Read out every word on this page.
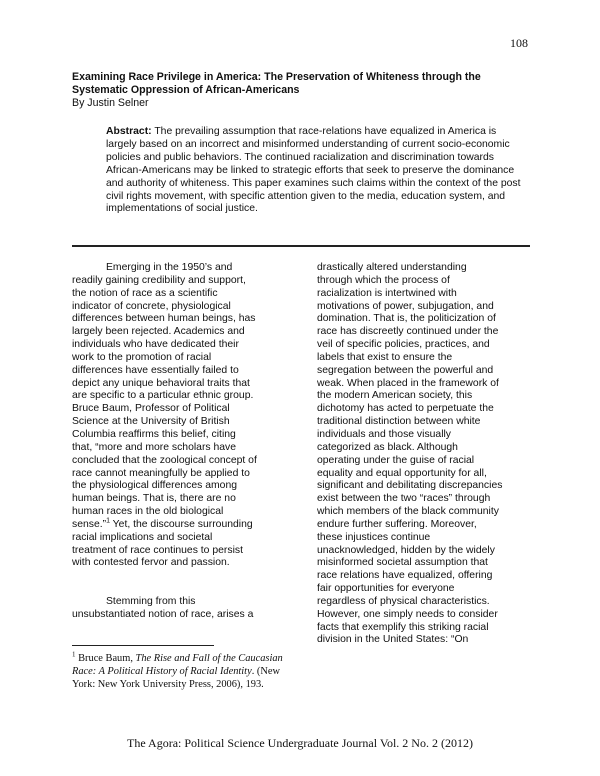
108
Examining Race Privilege in America: The Preservation of Whiteness through the Systematic Oppression of African-Americans
By Justin Selner
Abstract: The prevailing assumption that race-relations have equalized in America is largely based on an incorrect and misinformed understanding of current socio-economic policies and public behaviors. The continued racialization and discrimination towards African-Americans may be linked to strategic efforts that seek to preserve the dominance and authority of whiteness. This paper examines such claims within the context of the post civil rights movement, with specific attention given to the media, education system, and implementations of social justice.
Emerging in the 1950’s and
readily gaining credibility and support,
the notion of race as a scientific
indicator of concrete, physiological
differences between human beings, has
largely been rejected. Academics and
individuals who have dedicated their
work to the promotion of racial
differences have essentially failed to
depict any unique behavioral traits that
are specific to a particular ethnic group.
Bruce Baum, Professor of Political
Science at the University of British
Columbia reaffirms this belief, citing
that, “more and more scholars have
concluded that the zoological concept of
race cannot meaningfully be applied to
the physiological differences among
human beings. That is, there are no
human races in the old biological
sense.”$^1$ Yet, the discourse surrounding
racial implications and societal
treatment of race continues to persist
with contested fervor and passion.
Stemming from this
unsubstantiated notion of race, arises a
drastically altered understanding
through which the process of
racialization is intertwined with
motivations of power, subjugation, and
domination. That is, the politicization of
race has discreetly continued under the
veil of specific policies, practices, and
labels that exist to ensure the
segregation between the powerful and
weak. When placed in the framework of
the modern American society, this
dichotomy has acted to perpetuate the
traditional distinction between white
individuals and those visually
categorized as black. Although
operating under the guise of racial
equality and equal opportunity for all,
significant and debilitating discrepancies
exist between the two “races” through
which members of the black community
endure further suffering. Moreover,
these injustices continue
unacknowledged, hidden by the widely
misinformed societal assumption that
race relations have equalized, offering
fair opportunities for everyone
regardless of physical characteristics.
However, one simply needs to consider
facts that exemplify this striking racial
division in the United States: “On
$^1$ Bruce Baum, The Rise and Fall of the Caucasian Race: A Political History of Racial Identity. (New York: New York University Press, 2006), 193.
The Agora: Political Science Undergraduate Journal Vol. 2 No. 2 (2012)
